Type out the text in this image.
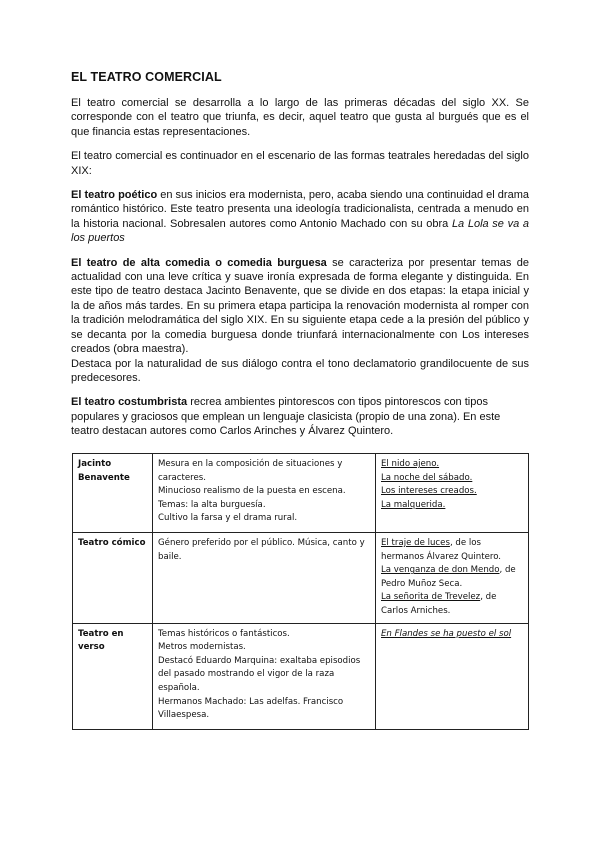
EL TEATRO COMERCIAL

El teatro comercial se desarrolla a lo largo de las primeras décadas del siglo XX. Se corresponde con el teatro que triunfa, es decir, aquel teatro que gusta al burgués que es el que financia estas representaciones.

El teatro comercial es continuador en el escenario de las formas teatrales heredadas del siglo XIX:

El teatro poético en sus inicios era modernista, pero, acaba siendo una continuidad el drama romántico histórico. Este teatro presenta una ideología tradicionalista, centrada a menudo en la historia nacional. Sobresalen autores como Antonio Machado con su obra La Lola se va a los puertos

El teatro de alta comedia o comedia burguesa se caracteriza por presentar temas de actualidad con una leve crítica y suave ironía expresada de forma elegante y distinguida. En este tipo de teatro destaca Jacinto Benavente, que se divide en dos etapas: la etapa inicial y la de años más tardes. En su primera etapa participa la renovación modernista al romper con la tradición melodramática del siglo XIX. En su siguiente etapa cede a la presión del público y se decanta por la comedia burguesa donde triunfará internacionalmente con Los intereses creados (obra maestra).

Destaca por la naturalidad de sus diálogo contra el tono declamatorio grandilocuente de sus predecesores.

El teatro costumbrista recrea ambientes pintorescos con tipos pintorescos con tipos populares y graciosos que emplean un lenguaje clasicista (propio de una zona). En este teatro destacan autores como Carlos Arinches y Álvarez Quintero.

Jacinto
Benavente	Mesura en la composición de situaciones y caracteres.
Minucioso realismo de la puesta en escena.
Temas: la alta burguesía.
Cultivo la farsa y el drama rural.	El nido ajeno.
La noche del sábado.
Los intereses creados.
La malquerida.

Teatro cómico	Género preferido por el público. Música, canto y baile.	El traje de luces, de los hermanos Álvarez Quintero.
La venganza de don Mendo, de Pedro Muñoz Seca.
La señorita de Trevelez, de Carlos Arniches.

Teatro en
verso	Temas históricos o fantásticos.
Metros modernistas.
Destacó Eduardo Marquina: exaltaba episodios del pasado mostrando el vigor de la raza española.
Hermanos Machado: Las adelfas. Francisco Villaespesa.	En Flandes se ha puesto el sol
